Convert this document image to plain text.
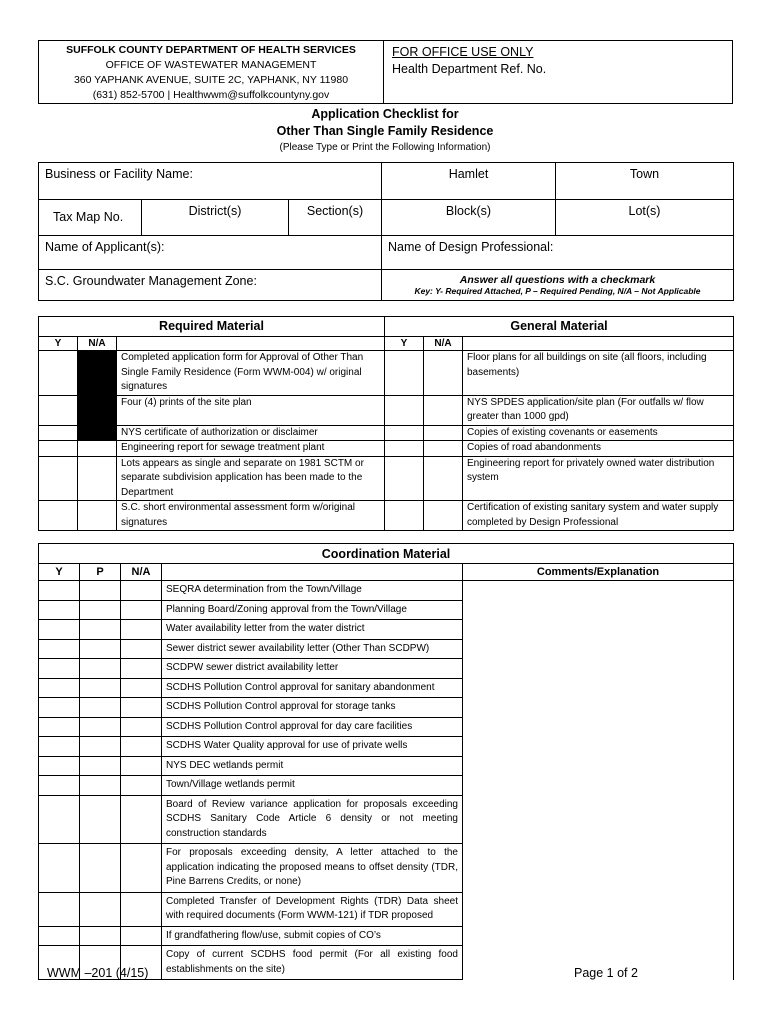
SUFFOLK COUNTY DEPARTMENT OF HEALTH SERVICES
OFFICE OF WASTEWATER MANAGEMENT
360 YAPHANK AVENUE, SUITE 2C, YAPHANK, NY 11980
(631) 852-5700 | Healthwwm@suffolkcountyny.gov

FOR OFFICE USE ONLY
Health Department Ref. No.
Application Checklist for
Other Than Single Family Residence
(Please Type or Print the Following Information)
Business or Facility Name:			Hamlet	Town
Tax Map No.	District(s)	Section(s)	Block(s)	Lot(s)
Name of Applicant(s):			Name of Design Professional:	
S.C. Groundwater Management Zone:			Answer all questions with a checkmark
Key: Y- Required Attached, P – Required Pending, N/A – Not Applicable	
Required Material			General Material		
Y	N/A		Y	N/A	
		Completed application form for Approval of Other Than Single Family Residence (Form WWM-004) w/ original signatures			Floor plans for all buildings on site (all floors, including basements)
		Four (4) prints of the site plan			NYS SPDES application/site plan (For outfalls w/ flow greater than 1000 gpd)
		NYS certificate of authorization or disclaimer			Copies of existing covenants or easements
		Engineering report for sewage treatment plant			Copies of road abandonments
		Lots appears as single and separate on 1981 SCTM or separate subdivision application has been made to the Department			Engineering report for privately owned water distribution system
		S.C. short environmental assessment form w/original signatures			Certification of existing sanitary system and water supply completed by Design Professional
Coordination Material				
Y	P	N/A		Comments/Explanation
			SEQRA determination from the Town/Village	
			Planning Board/Zoning approval from the Town/Village	
			Water availability letter from the water district	
			Sewer district sewer availability letter (Other Than SCDPW)	
			SCDPW sewer district availability letter	
			SCDHS Pollution Control approval for sanitary abandonment	
			SCDHS Pollution Control approval for storage tanks	
			SCDHS Pollution Control approval for day care facilities	
			SCDHS Water Quality approval for use of private wells	
			NYS DEC wetlands permit	
			Town/Village wetlands permit	
			Board of Review variance application for proposals exceeding SCDHS Sanitary Code Article 6 density or not meeting construction standards	
			For proposals exceeding density, A letter attached to the application indicating the proposed means to offset density (TDR, Pine Barrens Credits, or none)	
			Completed Transfer of Development Rights (TDR) Data sheet with required documents (Form WWM-121) if TDR proposed	
			If grandfathering flow/use, submit copies of CO’s	
			Copy of current SCDHS food permit (For all existing food establishments on the site)	
WWM –201 (4/15)	Page 1 of 2
